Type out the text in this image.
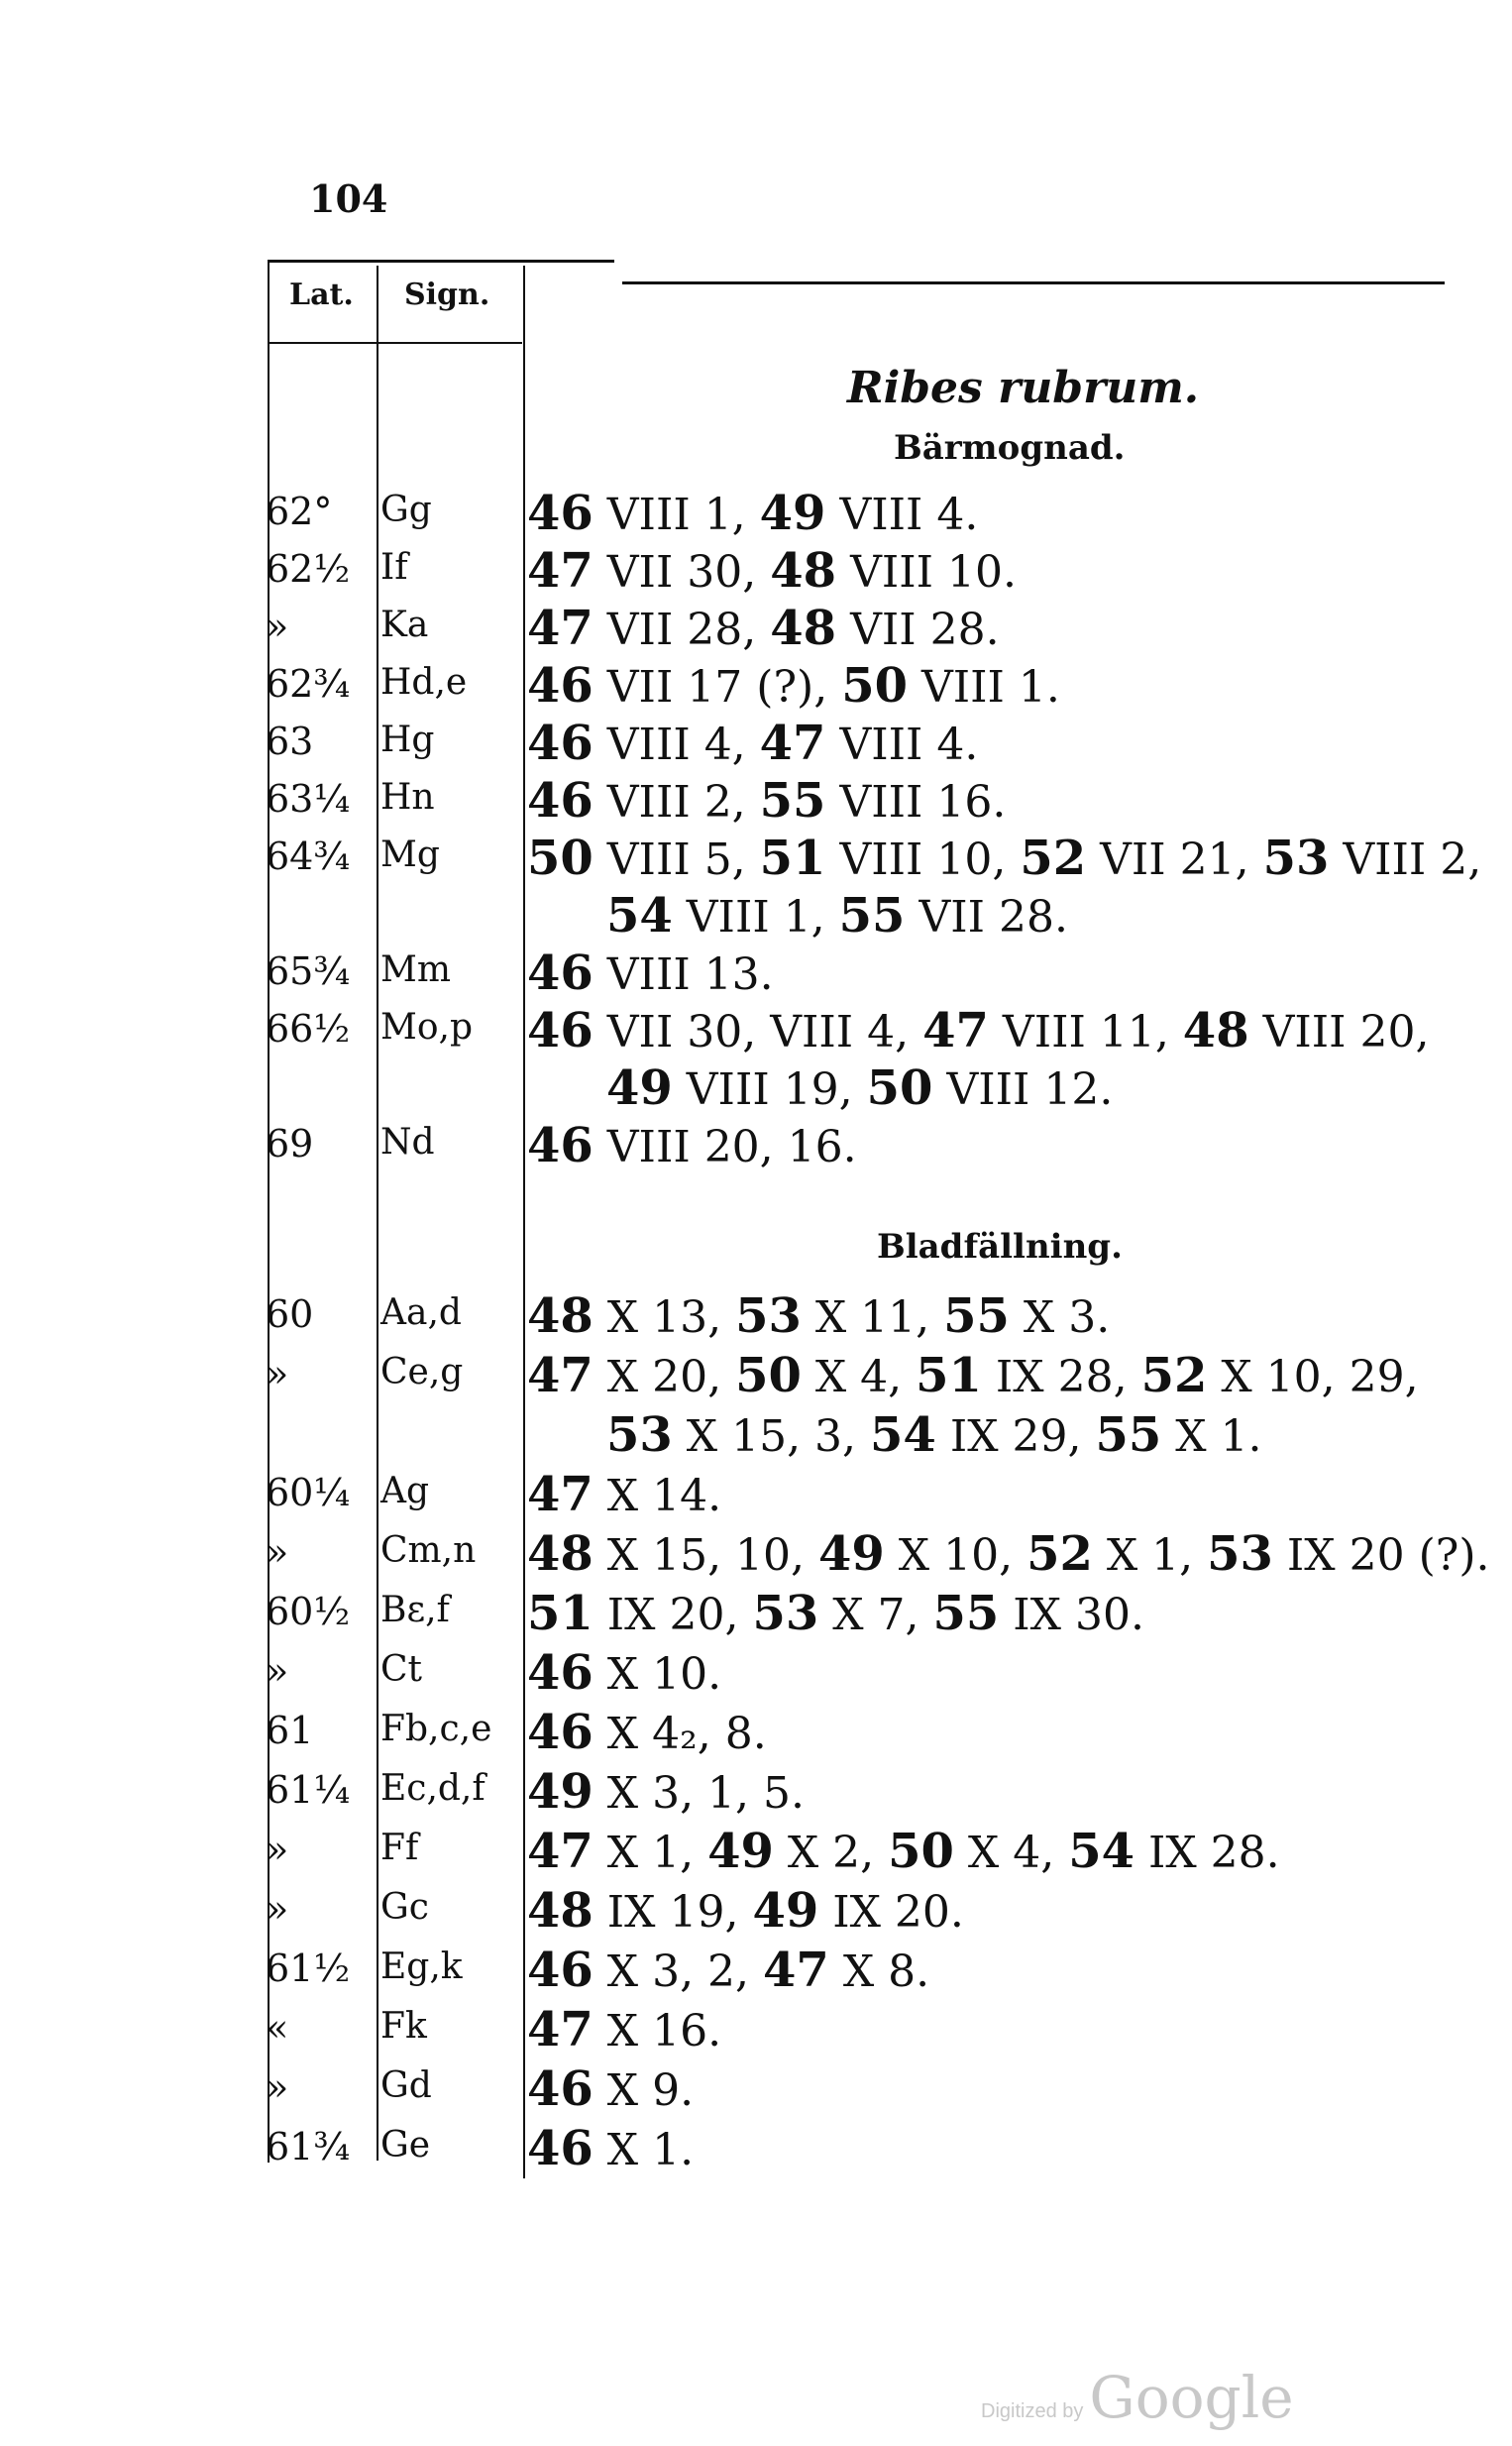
104
Lat. Sign.
Ribes rubrum.
Bärmognad.
62° Gg 46 VIII 1, 49 VIII 4.
62½ If	47 VII 30, 48 VIII 10.
»	Ka 47 VII 28, 48 VII 28.
62¾ Hd,e 46 VII 17 (?), 50 VIII 1.
63 Hg 46 VIII 4, 47 VIII 4.
63¼ Hn 46 VIII 2, 55 VIII 16.
64¾ Mg 50 VIII 5, 51 VIII 10, 52 VII 21, 53 VIII 2,
54 VIII 1, 55 VII 28.
65¾ Mm 46 VIII 13.
66½ Mo,p 46 VII 30, VIII 4, 47 VIII 11, 48 VIII 20,
49 VIII 19, 50 VIII 12.
69 Nd 46 VIII 20, 16.
Bladfällning.
60 Aa,d 48 X 13, 53 X 11, 55 X 3.
»	Ce,g 47 X 20, 50 X 4, 51 IX 28, 52 X 10, 29,
53 X 15, 3, 54 IX 29, 55 X 1.
60¼ Ag 47 X 14.
»	Cm,n 48 X 15, 10, 49 X 10, 52 X 1, 53 IX 20 (?).
60½ Bε,f 51 IX 20, 53 X 7, 55 IX 30.
»	Ct 46 X 10.
61 Fb,c,e 46 X 4₂, 8.
61¼ Ec,d,f 49 X 3, 1, 5.
»	Ff 47 X 1, 49 X 2, 50 X 4, 54 IX 28.
»	Gc 48 IX 19, 49 IX 20.
61½ Eg,k 46 X 3, 2, 47 X 8.
«	Fk 47 X 16.
»	Gd 46 X 9.
61¾ Ge 46 X 1.
Digitized by Google
